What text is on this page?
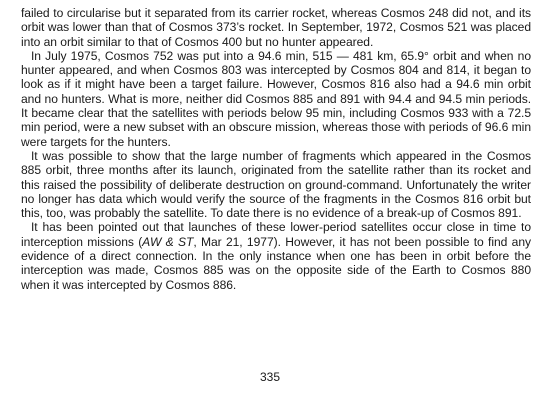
failed to circularise but it separated from its carrier rocket, whereas Cosmos 248 did not, and its orbit was lower than that of Cosmos 373’s rocket. In September, 1972, Cosmos 521 was placed into an orbit similar to that of Cosmos 400 but no hunter appeared.

In July 1975, Cosmos 752 was put into a 94.6 min, 515 — 481 km, 65.9° orbit and when no hunter appeared, and when Cosmos 803 was intercepted by Cosmos 804 and 814, it began to look as if it might have been a target failure. However, Cosmos 816 also had a 94.6 min orbit and no hunters. What is more, neither did Cosmos 885 and 891 with 94.4 and 94.5 min periods. It became clear that the satellites with periods below 95 min, including Cosmos 933 with a 72.5 min period, were a new subset with an obscure mission, whereas those with periods of 96.6 min were targets for the hunters.

It was possible to show that the large number of fragments which appeared in the Cosmos 885 orbit, three months after its launch, originated from the satellite rather than its rocket and this raised the possibility of deliberate destruction on ground-command. Unfortunately the writer no longer has data which would verify the source of the fragments in the Cosmos 816 orbit but this, too, was probably the satellite. To date there is no evidence of a break-up of Cosmos 891.

It has been pointed out that launches of these lower-period satellites occur close in time to interception missions (AW & ST, Mar 21, 1977). However, it has not been possible to find any evidence of a direct connection. In the only instance when one has been in orbit before the interception was made, Cosmos 885 was on the opposite side of the Earth to Cosmos 880 when it was intercepted by Cosmos 886.

335
